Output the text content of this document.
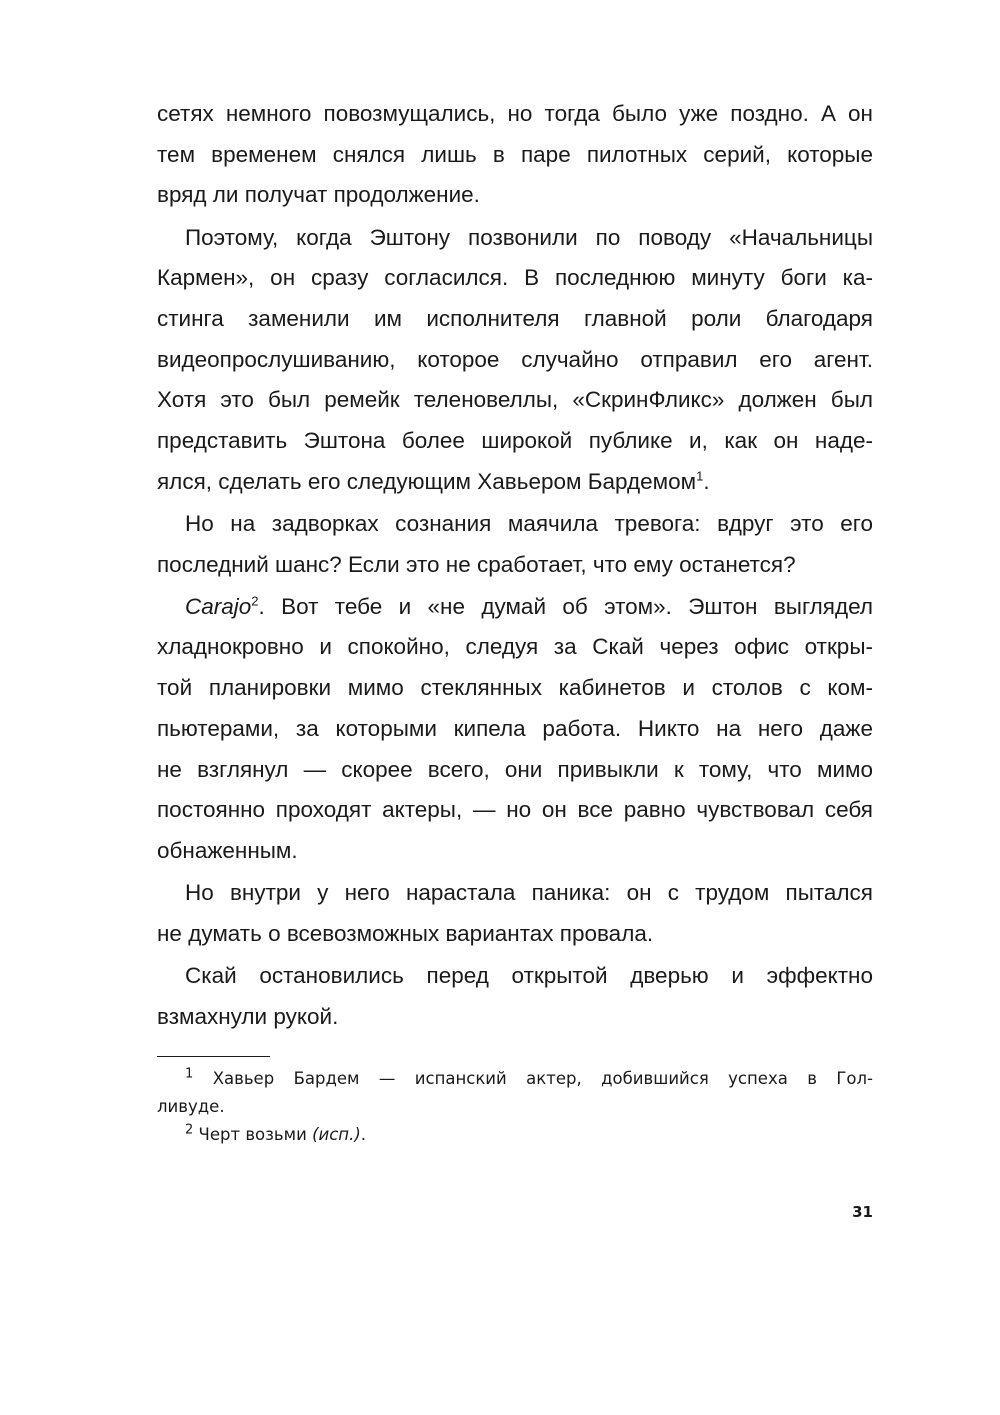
сетях немного повозмущались, но тогда было уже поздно. А он
тем временем снялся лишь в паре пилотных серий, которые
вряд ли получат продолжение.
Поэтому, когда Эштону позвонили по поводу «Начальницы
Кармен», он сразу согласился. В последнюю минуту боги ка-
стинга заменили им исполнителя главной роли благодаря
видеопрослушиванию, которое случайно отправил его агент.
Хотя это был ремейк теленовеллы, «СкринФликс» должен был
представить Эштона более широкой публике и, как он наде-
ялся, сделать его следующим Хавьером Бардемом$^1$.
Но на задворках сознания маячила тревога: вдруг это его
последний шанс? Если это не сработает, что ему останется?
Carajo$^2$. Вот тебе и «не думай об этом». Эштон выглядел
хладнокровно и спокойно, следуя за Скай через офис откры-
той планировки мимо стеклянных кабинетов и столов с ком-
пьютерами, за которыми кипела работа. Никто на него даже
не взглянул — скорее всего, они привыкли к тому, что мимо
постоянно проходят актеры, — но он все равно чувствовал себя
обнаженным.
Но внутри у него нарастала паника: он с трудом пытался
не думать о всевозможных вариантах провала.
Скай остановились перед открытой дверью и эффектно
взмахнули рукой.
$^1$ Хавьер Бардем — испанский актер, добившийся успеха в Гол-
ливуде.
$^2$ Черт возьми (исп.).
31
